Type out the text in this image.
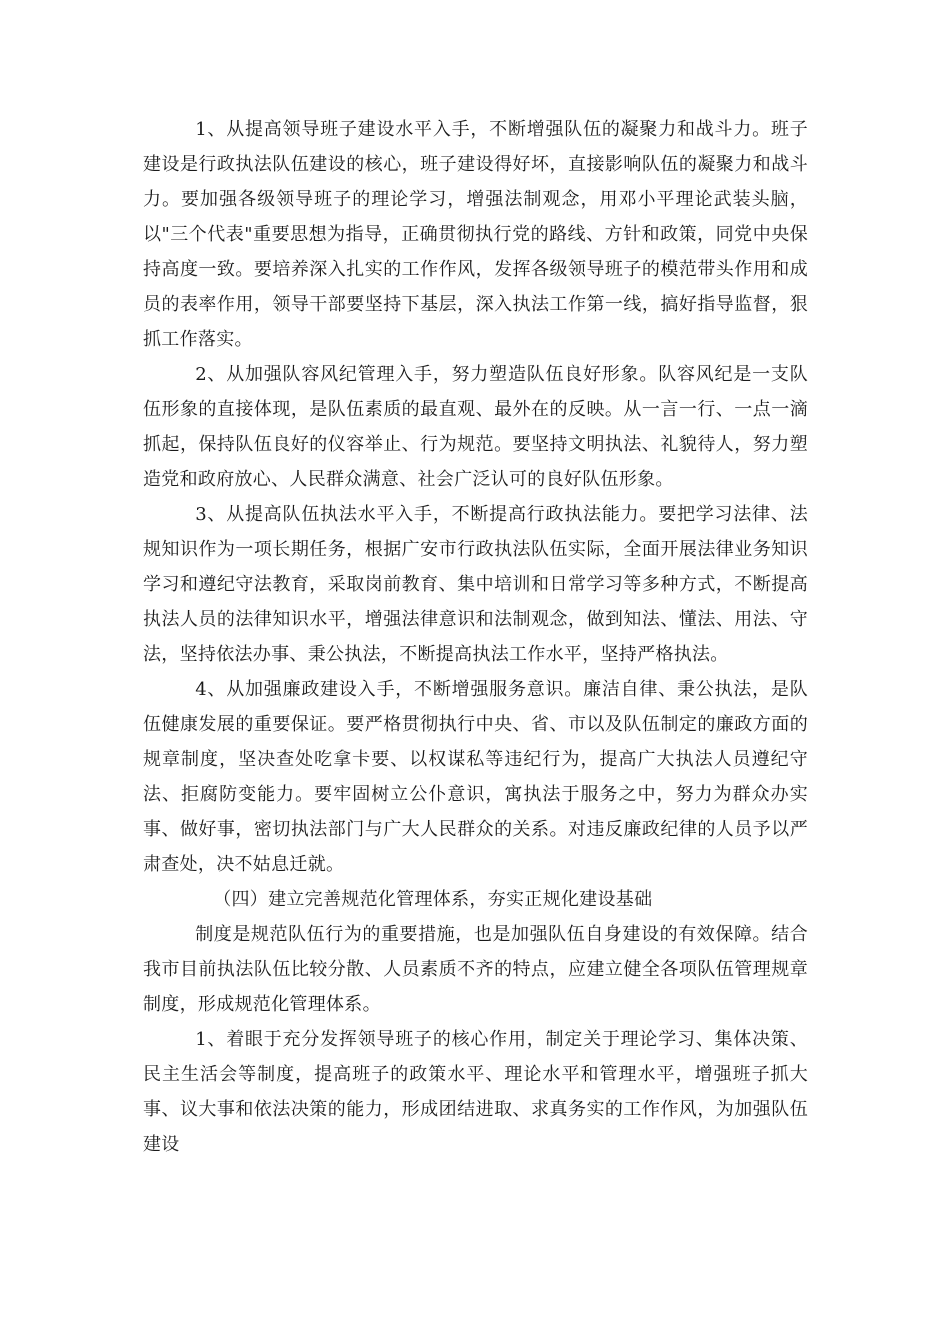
1、从提高领导班子建设水平入手，不断增强队伍的凝聚力和战斗力。班子建设是行政执法队伍建设的核心，班子建设得好坏，直接影响队伍的凝聚力和战斗力。要加强各级领导班子的理论学习，增强法制观念，用邓小平理论武装头脑，以"三个代表"重要思想为指导，正确贯彻执行党的路线、方针和政策，同党中央保持高度一致。要培养深入扎实的工作作风，发挥各级领导班子的模范带头作用和成员的表率作用，领导干部要坚持下基层，深入执法工作第一线，搞好指导监督，狠抓工作落实。

2、从加强队容风纪管理入手，努力塑造队伍良好形象。队容风纪是一支队伍形象的直接体现，是队伍素质的最直观、最外在的反映。从一言一行、一点一滴抓起，保持队伍良好的仪容举止、行为规范。要坚持文明执法、礼貌待人，努力塑造党和政府放心、人民群众满意、社会广泛认可的良好队伍形象。

3、从提高队伍执法水平入手，不断提高行政执法能力。要把学习法律、法规知识作为一项长期任务，根据广安市行政执法队伍实际，全面开展法律业务知识学习和遵纪守法教育，采取岗前教育、集中培训和日常学习等多种方式，不断提高执法人员的法律知识水平，增强法律意识和法制观念，做到知法、懂法、用法、守法，坚持依法办事、秉公执法，不断提高执法工作水平，坚持严格执法。

4、从加强廉政建设入手，不断增强服务意识。廉洁自律、秉公执法，是队伍健康发展的重要保证。要严格贯彻执行中央、省、市以及队伍制定的廉政方面的规章制度，坚决查处吃拿卡要、以权谋私等违纪行为，提高广大执法人员遵纪守法、拒腐防变能力。要牢固树立公仆意识，寓执法于服务之中，努力为群众办实事、做好事，密切执法部门与广大人民群众的关系。对违反廉政纪律的人员予以严肃查处，决不姑息迁就。

（四）建立完善规范化管理体系，夯实正规化建设基础

制度是规范队伍行为的重要措施，也是加强队伍自身建设的有效保障。结合我市目前执法队伍比较分散、人员素质不齐的特点，应建立健全各项队伍管理规章制度，形成规范化管理体系。

1、着眼于充分发挥领导班子的核心作用，制定关于理论学习、集体决策、民主生活会等制度，提高班子的政策水平、理论水平和管理水平，增强班子抓大事、议大事和依法决策的能力，形成团结进取、求真务实的工作作风，为加强队伍建设
